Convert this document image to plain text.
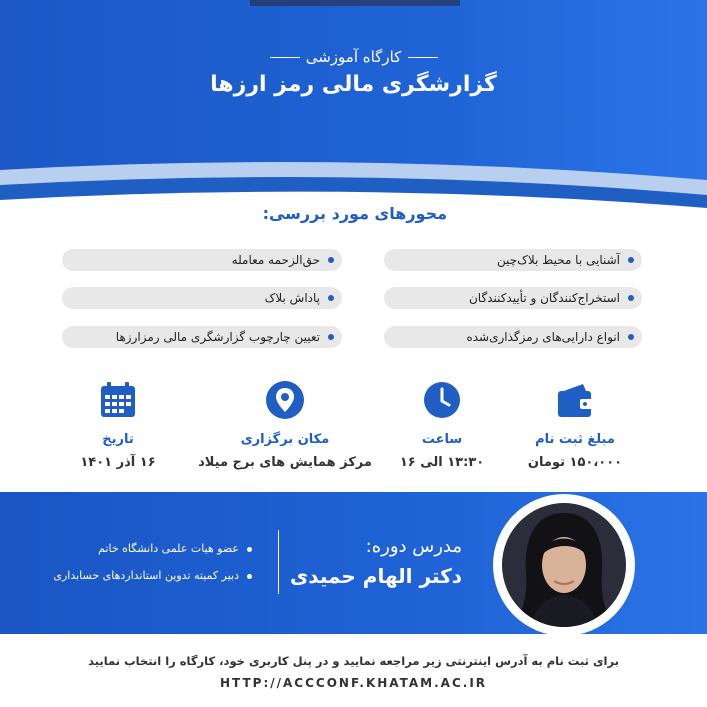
کارگاه آموزشی
گزارشگری مالی رمز ارزها
محورهای مورد بررسی:
آشنایی با محیط بلاک‌چین
استخراج‌کنندگان و تأییدکنندگان
انواع دارایی‌های رمزگذاری‌شده
حق‌الزحمه معامله
پاداش بلاک
تعیین چارچوب گزارشگری مالی رمزارزها
مبلغ ثبت نام
۱۵۰،۰۰۰ تومان
ساعت
۱۳:۳۰ الی ۱۶
مکان برگزاری
مرکز همایش های برج میلاد
تاریخ
۱۶ آذر ۱۴۰۱
مدرس دوره:
دکتر الهام حمیدی
عضو هیات علمی دانشگاه خاتم
دبیر کمیته تدوین استانداردهای حسابداری
برای ثبت نام به آدرس اینترنتی زیر مراجعه نمایید و در پنل کاربری خود، کارگاه را انتخاب نمایید
HTTP://ACCCONF.KHATAM.AC.IR
